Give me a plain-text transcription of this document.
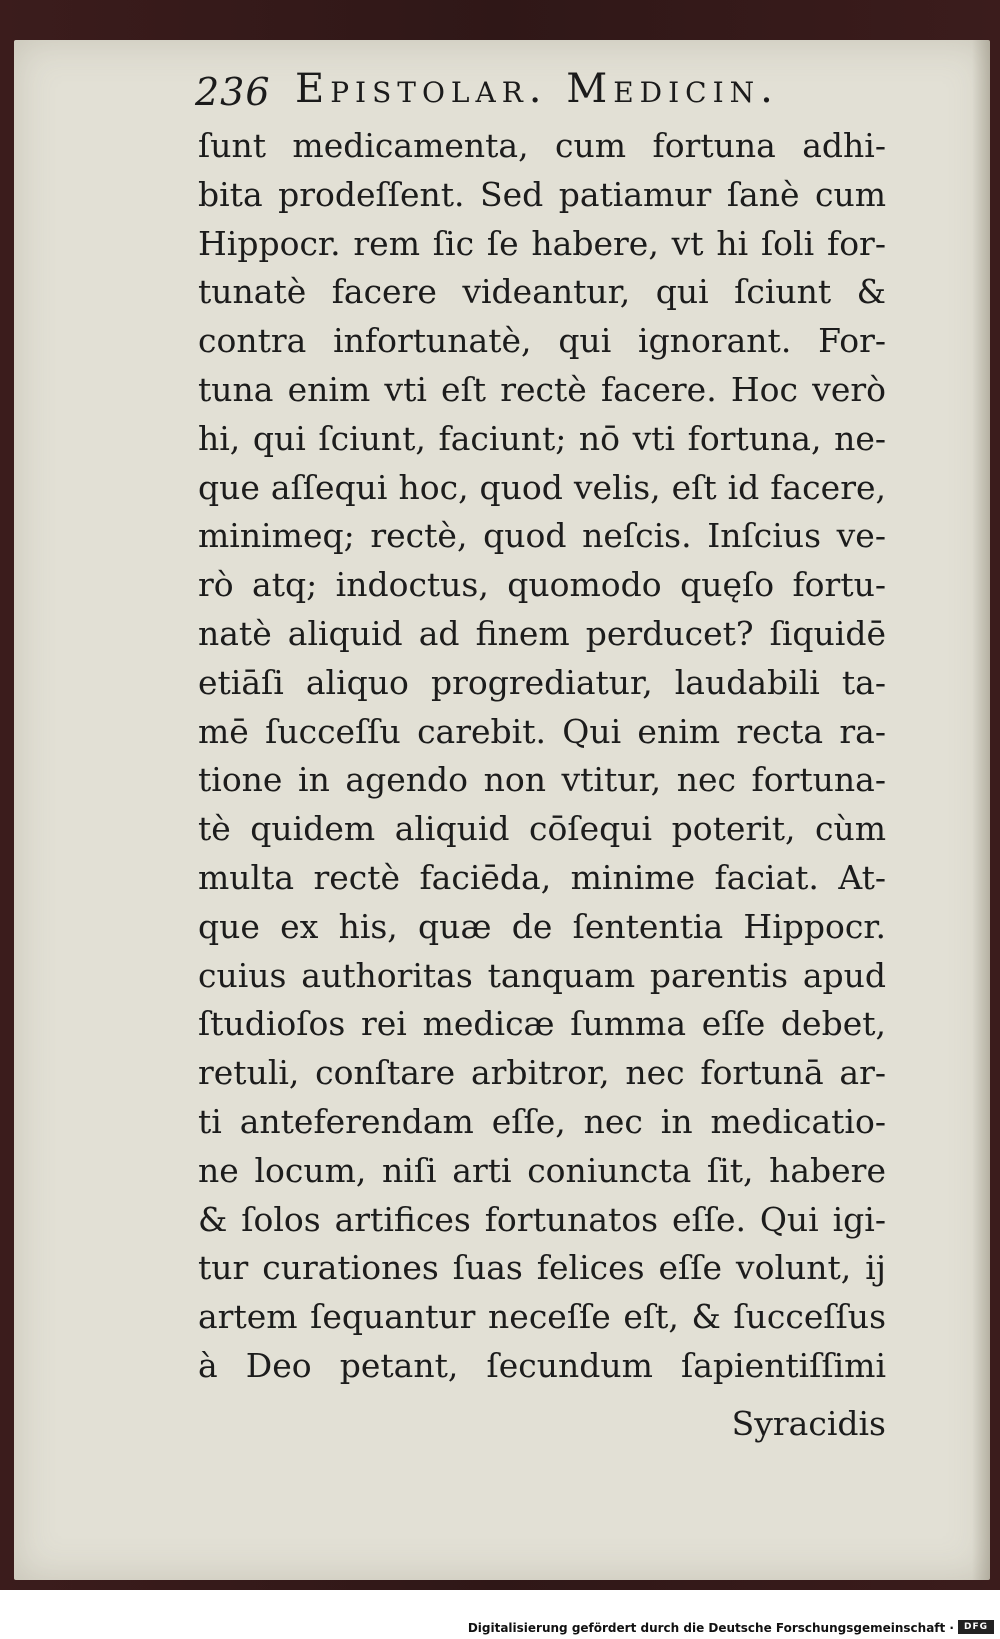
236 Epistolar. Medicin.
ſunt medicamenta, cum fortuna adhi-
bita prodeſſent. Sed patiamur ſanè cum
Hippocr. rem ſic ſe habere, vt hi ſoli for-
tunatè facere videantur, qui ſciunt &
contra infortunatè, qui ignorant. For-
tuna enim vti eſt rectè facere. Hoc verò
hi, qui ſciunt, faciunt; nō vti fortuna, ne-
que aſſequi hoc, quod velis, eſt id facere,
minimeq; rectè, quod neſcis. Inſcius ve-
rò atq; indoctus, quomodo quęſo fortu-
natè aliquid ad finem perducet? ſiquidē
etiāſi aliquo progrediatur, laudabili ta-
mē ſucceſſu carebit. Qui enim recta ra-
tione in agendo non vtitur, nec fortuna-
tè quidem aliquid cōſequi poterit, cùm
multa rectè faciēda, minime faciat. At-
que ex his, quæ de ſententia Hippocr.
cuius authoritas tanquam parentis apud
ſtudioſos rei medicæ ſumma eſſe debet,
retuli, conſtare arbitror, nec fortunā ar-
ti anteferendam eſſe, nec in medicatio-
ne locum, niſi arti coniuncta ſit, habere
& ſolos artifices fortunatos eſſe. Qui igi-
tur curationes ſuas felices eſſe volunt, ij
artem ſequantur neceſſe eſt, & ſucceſſus
à Deo petant, ſecundum ſapientiſſimi
Syracidis
Digitalisierung gefördert durch die Deutsche Forschungsgemeinschaft ·	DFG
